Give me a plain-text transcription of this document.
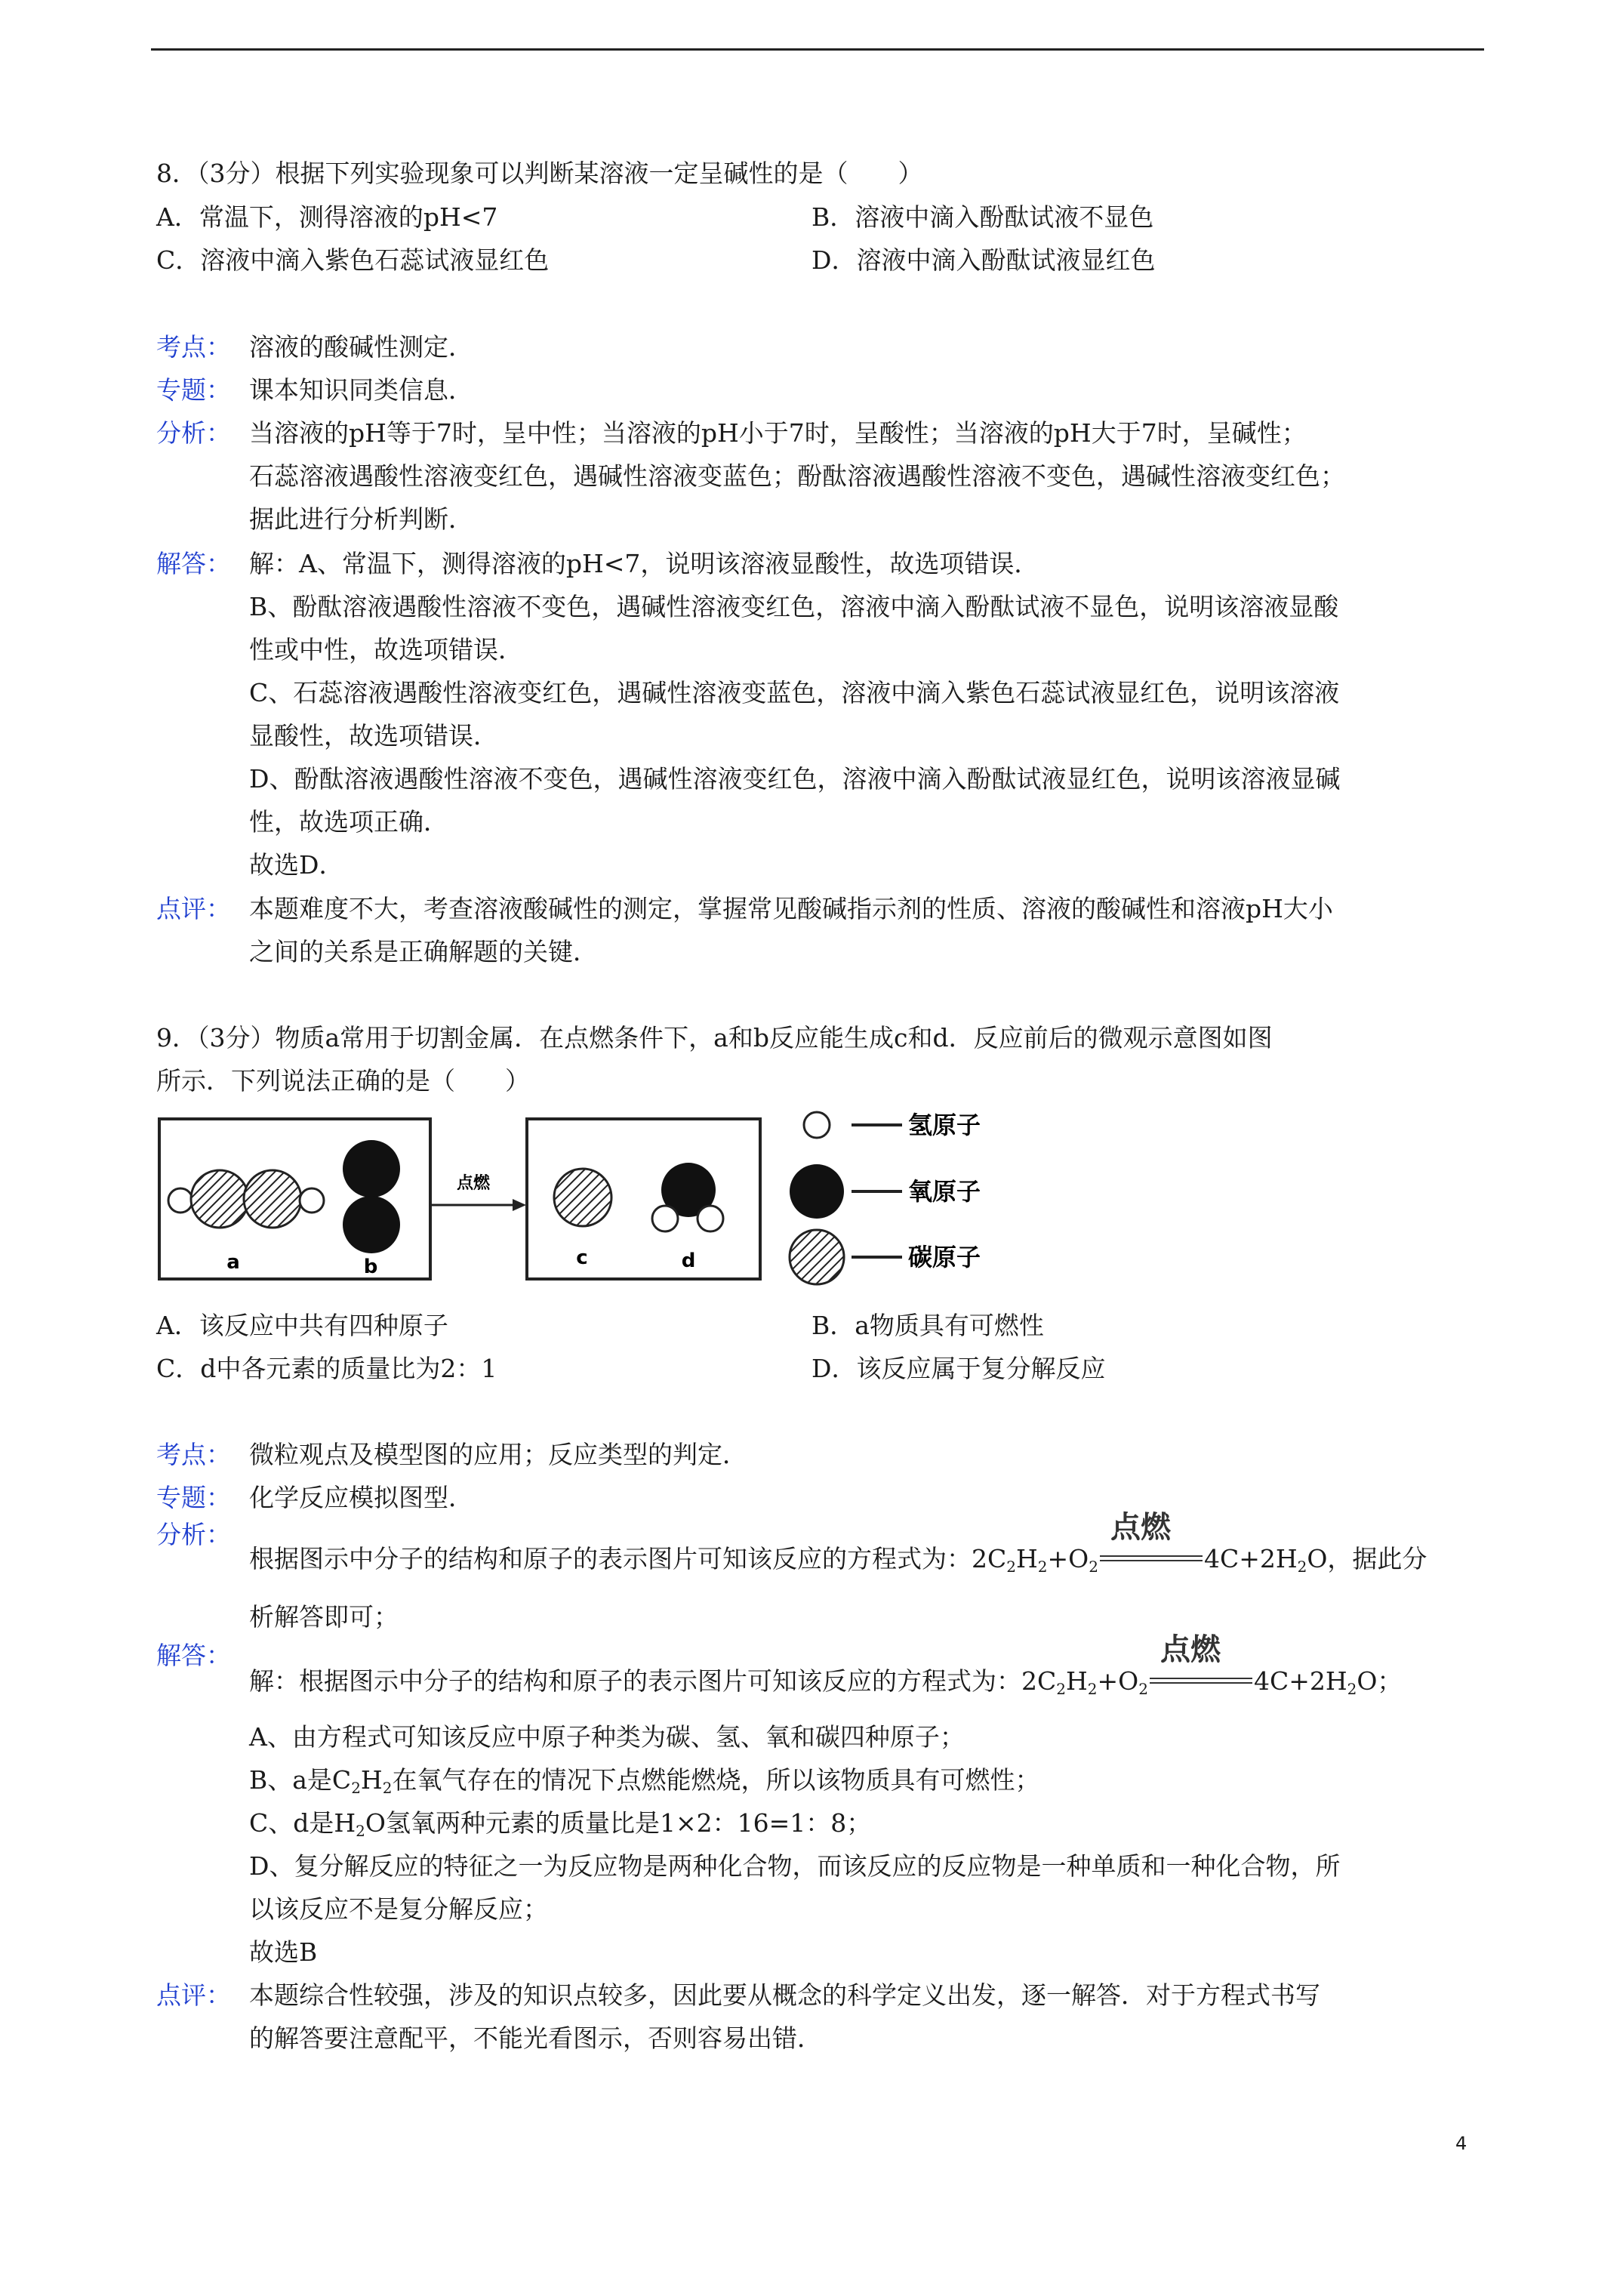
8．（3分）根据下列实验现象可以判断某溶液一定呈碱性的是（　　）
A．常温下，测得溶液的pH<7	B．溶液中滴入酚酞试液不显色
C．溶液中滴入紫色石蕊试液显红色	D．溶液中滴入酚酞试液显红色
考点： 溶液的酸碱性测定．
专题： 课本知识同类信息．
分析： 当溶液的pH等于7时，呈中性；当溶液的pH小于7时，呈酸性；当溶液的pH大于7时，呈碱性；
石蕊溶液遇酸性溶液变红色，遇碱性溶液变蓝色；酚酞溶液遇酸性溶液不变色，遇碱性溶液变红色；
据此进行分析判断．
解答： 解：A、常温下，测得溶液的pH<7，说明该溶液显酸性，故选项错误．
B、酚酞溶液遇酸性溶液不变色，遇碱性溶液变红色，溶液中滴入酚酞试液不显色，说明该溶液显酸
性或中性，故选项错误．
C、石蕊溶液遇酸性溶液变红色，遇碱性溶液变蓝色，溶液中滴入紫色石蕊试液显红色，说明该溶液
显酸性，故选项错误．
D、酚酞溶液遇酸性溶液不变色，遇碱性溶液变红色，溶液中滴入酚酞试液显红色，说明该溶液显碱
性，故选项正确．
故选D．
点评： 本题难度不大，考查溶液酸碱性的测定，掌握常见酸碱指示剂的性质、溶液的酸碱性和溶液pH大小
之间的关系是正确解题的关键．
9．（3分）物质a常用于切割金属．在点燃条件下，a和b反应能生成c和d．反应前后的微观示意图如图
所示．下列说法正确的是（　　）
a	b
点燃
c	d
氢原子
氧原子
碳原子
A．该反应中共有四种原子	B．a物质具有可燃性
C．d中各元素的质量比为2：1	D．该反应属于复分解反应
考点： 微粒观点及模型图的应用；反应类型的判定．
专题： 化学反应模拟图型．
分析：
根据图示中分子的结构和原子的表示图片可知该反应的方程式为：$2C_2H_2+O_2$
点燃
$4C+2H_2O$，据此分
析解答即可；
解答：
解：根据图示中分子的结构和原子的表示图片可知该反应的方程式为：$2C_2H_2+O_2$
点燃
$4C+2H_2O$；
A、由方程式可知该反应中原子种类为碳、氢、氧和碳四种原子；
B、a是$C_2H_2$在氧气存在的情况下点燃能燃烧，所以该物质具有可燃性；
C、d是$H_2O$氢氧两种元素的质量比是1×2：16=1：8；
D、复分解反应的特征之一为反应物是两种化合物，而该反应的反应物是一种单质和一种化合物，所
以该反应不是复分解反应；
故选B
点评： 本题综合性较强，涉及的知识点较多，因此要从概念的科学定义出发，逐一解答．对于方程式书写
的解答要注意配平，不能光看图示，否则容易出错．
4
